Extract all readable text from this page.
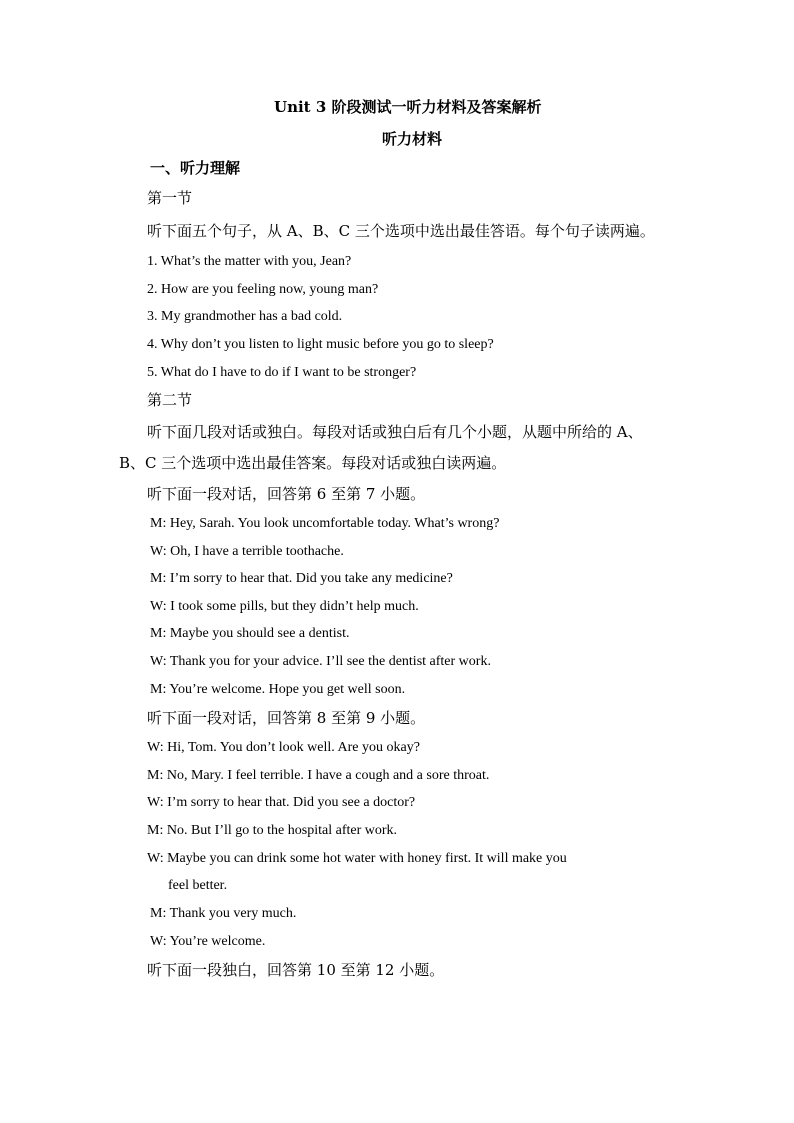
Unit 3 阶段测试一听力材料及答案解析
听力材料
一、听力理解
第一节
听下面五个句子，从 A、B、C 三个选项中选出最佳答语。每个句子读两遍。
1. What’s the matter with you, Jean?
2. How are you feeling now, young man?
3. My grandmother has a bad cold.
4. Why don’t you listen to light music before you go to sleep?
5. What do I have to do if I want to be stronger?
第二节
听下面几段对话或独白。每段对话或独白后有几个小题，从题中所给的 A、
B、C 三个选项中选出最佳答案。每段对话或独白读两遍。
听下面一段对话，回答第 6 至第 7 小题。
M: Hey, Sarah. You look uncomfortable today. What’s wrong?
W: Oh, I have a terrible toothache.
M: I’m sorry to hear that. Did you take any medicine?
W: I took some pills, but they didn’t help much.
M: Maybe you should see a dentist.
W: Thank you for your advice. I’ll see the dentist after work.
M: You’re welcome. Hope you get well soon.
听下面一段对话，回答第 8 至第 9 小题。
W: Hi, Tom. You don’t look well. Are you okay?
M: No, Mary. I feel terrible. I have a cough and a sore throat.
W: I’m sorry to hear that. Did you see a doctor?
M: No. But I’ll go to the hospital after work.
W: Maybe you can drink some hot water with honey first. It will make you
feel better.
M: Thank you very much.
W: You’re welcome.
听下面一段独白，回答第 10 至第 12 小题。
